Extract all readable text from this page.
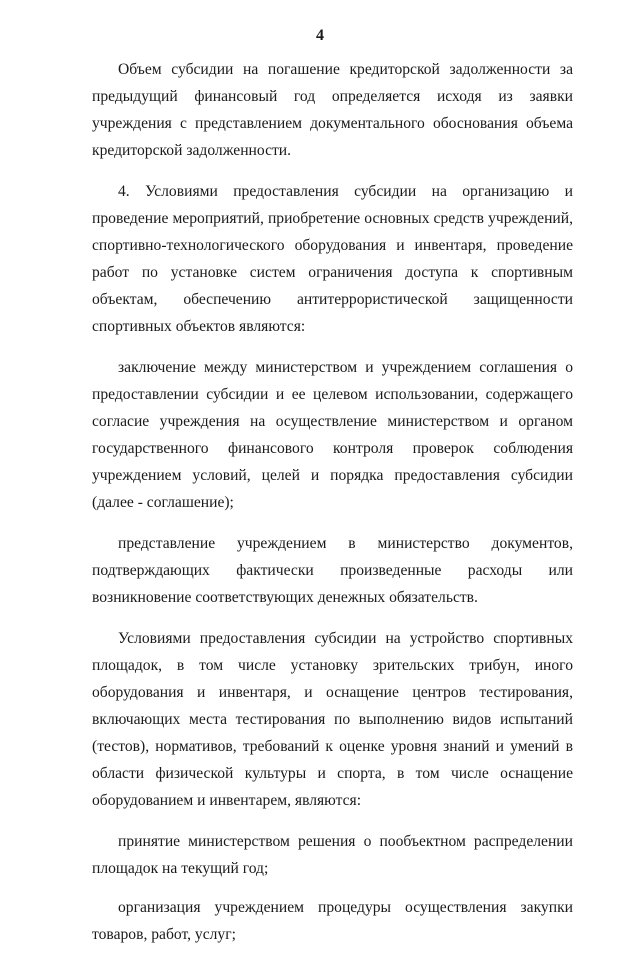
4

Объем субсидии на погашение кредиторской задолженности за предыдущий финансовый год определяется исходя из заявки учреждения с представлением документального обоснования объема кредиторской задолженности.

4. Условиями предоставления субсидии на организацию и проведение мероприятий, приобретение основных средств учреждений, спортивно-технологического оборудования и инвентаря, проведение работ по установке систем ограничения доступа к спортивным объектам, обеспечению антитеррористической защищенности спортивных объектов являются:

заключение между министерством и учреждением соглашения о предоставлении субсидии и ее целевом использовании, содержащего согласие учреждения на осуществление министерством и органом государственного финансового контроля проверок соблюдения учреждением условий, целей и порядка предоставления субсидии (далее - соглашение);

представление учреждением в министерство документов, подтверждающих фактически произведенные расходы или возникновение соответствующих денежных обязательств.

Условиями предоставления субсидии на устройство спортивных площадок, в том числе установку зрительских трибун, иного оборудования и инвентаря, и оснащение центров тестирования, включающих места тестирования по выполнению видов испытаний (тестов), нормативов, требований к оценке уровня знаний и умений в области физической культуры и спорта, в том числе оснащение оборудованием и инвентарем, являются:

принятие министерством решения о пообъектном распределении площадок на текущий год;

организация учреждением процедуры осуществления закупки товаров, работ, услуг;
